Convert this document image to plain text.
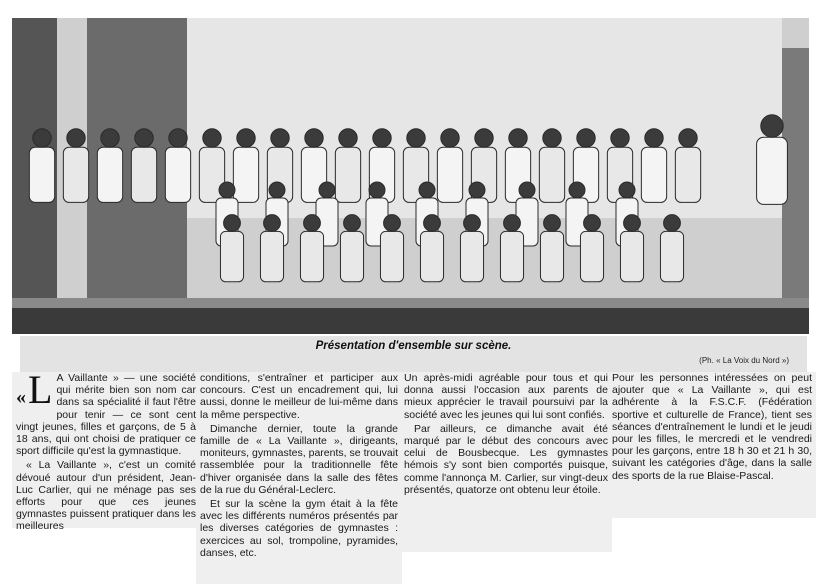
Présentation d'ensemble sur scène.
(Ph. « La Voix du Nord »)

«L A Vaillante » — une société qui mérite bien son nom car dans sa spécialité il faut l'être pour tenir — ce sont cent vingt jeunes, filles et garçons, de 5 à 18 ans, qui ont choisi de pratiquer ce sport difficile qu'est la gymnastique.

« La Vaillante », c'est un comité dévoué autour d'un président, Jean-Luc Carlier, qui ne ménage pas ses efforts pour que ces jeunes gymnastes puissent pratiquer dans les meilleures

conditions, s'entraîner et participer aux concours. C'est un encadrement qui, lui aussi, donne le meilleur de lui-même dans la même perspective.

Dimanche dernier, toute la grande famille de « La Vaillante », dirigeants, moniteurs, gymnastes, parents, se trouvait rassemblée pour la traditionnelle fête d'hiver organisée dans la salle des fêtes de la rue du Général-Leclerc.

Et sur la scène la gym était à la fête avec les différents numéros présentés par les diverses catégories de gymnastes : exercices au sol, trompoline, pyramides, danses, etc.

Un après-midi agréable pour tous et qui donna aussi l'occasion aux parents de mieux apprécier le travail poursuivi par la société avec les jeunes qui lui sont confiés.

Par ailleurs, ce dimanche avait été marqué par le début des concours avec celui de Bousbecque. Les gymnastes hémois s'y sont bien comportés puisque, comme l'annonça M. Carlier, sur vingt-deux présentés, quatorze ont obtenu leur étoile.

Pour les personnes intéressées on peut ajouter que « La Vaillante », qui est adhérente à la F.S.C.F. (Fédération sportive et culturelle de France), tient ses séances d'entraînement le lundi et le jeudi pour les filles, le mercredi et le vendredi pour les garçons, entre 18 h 30 et 21 h 30, suivant les catégories d'âge, dans la salle des sports de la rue Blaise-Pascal.
